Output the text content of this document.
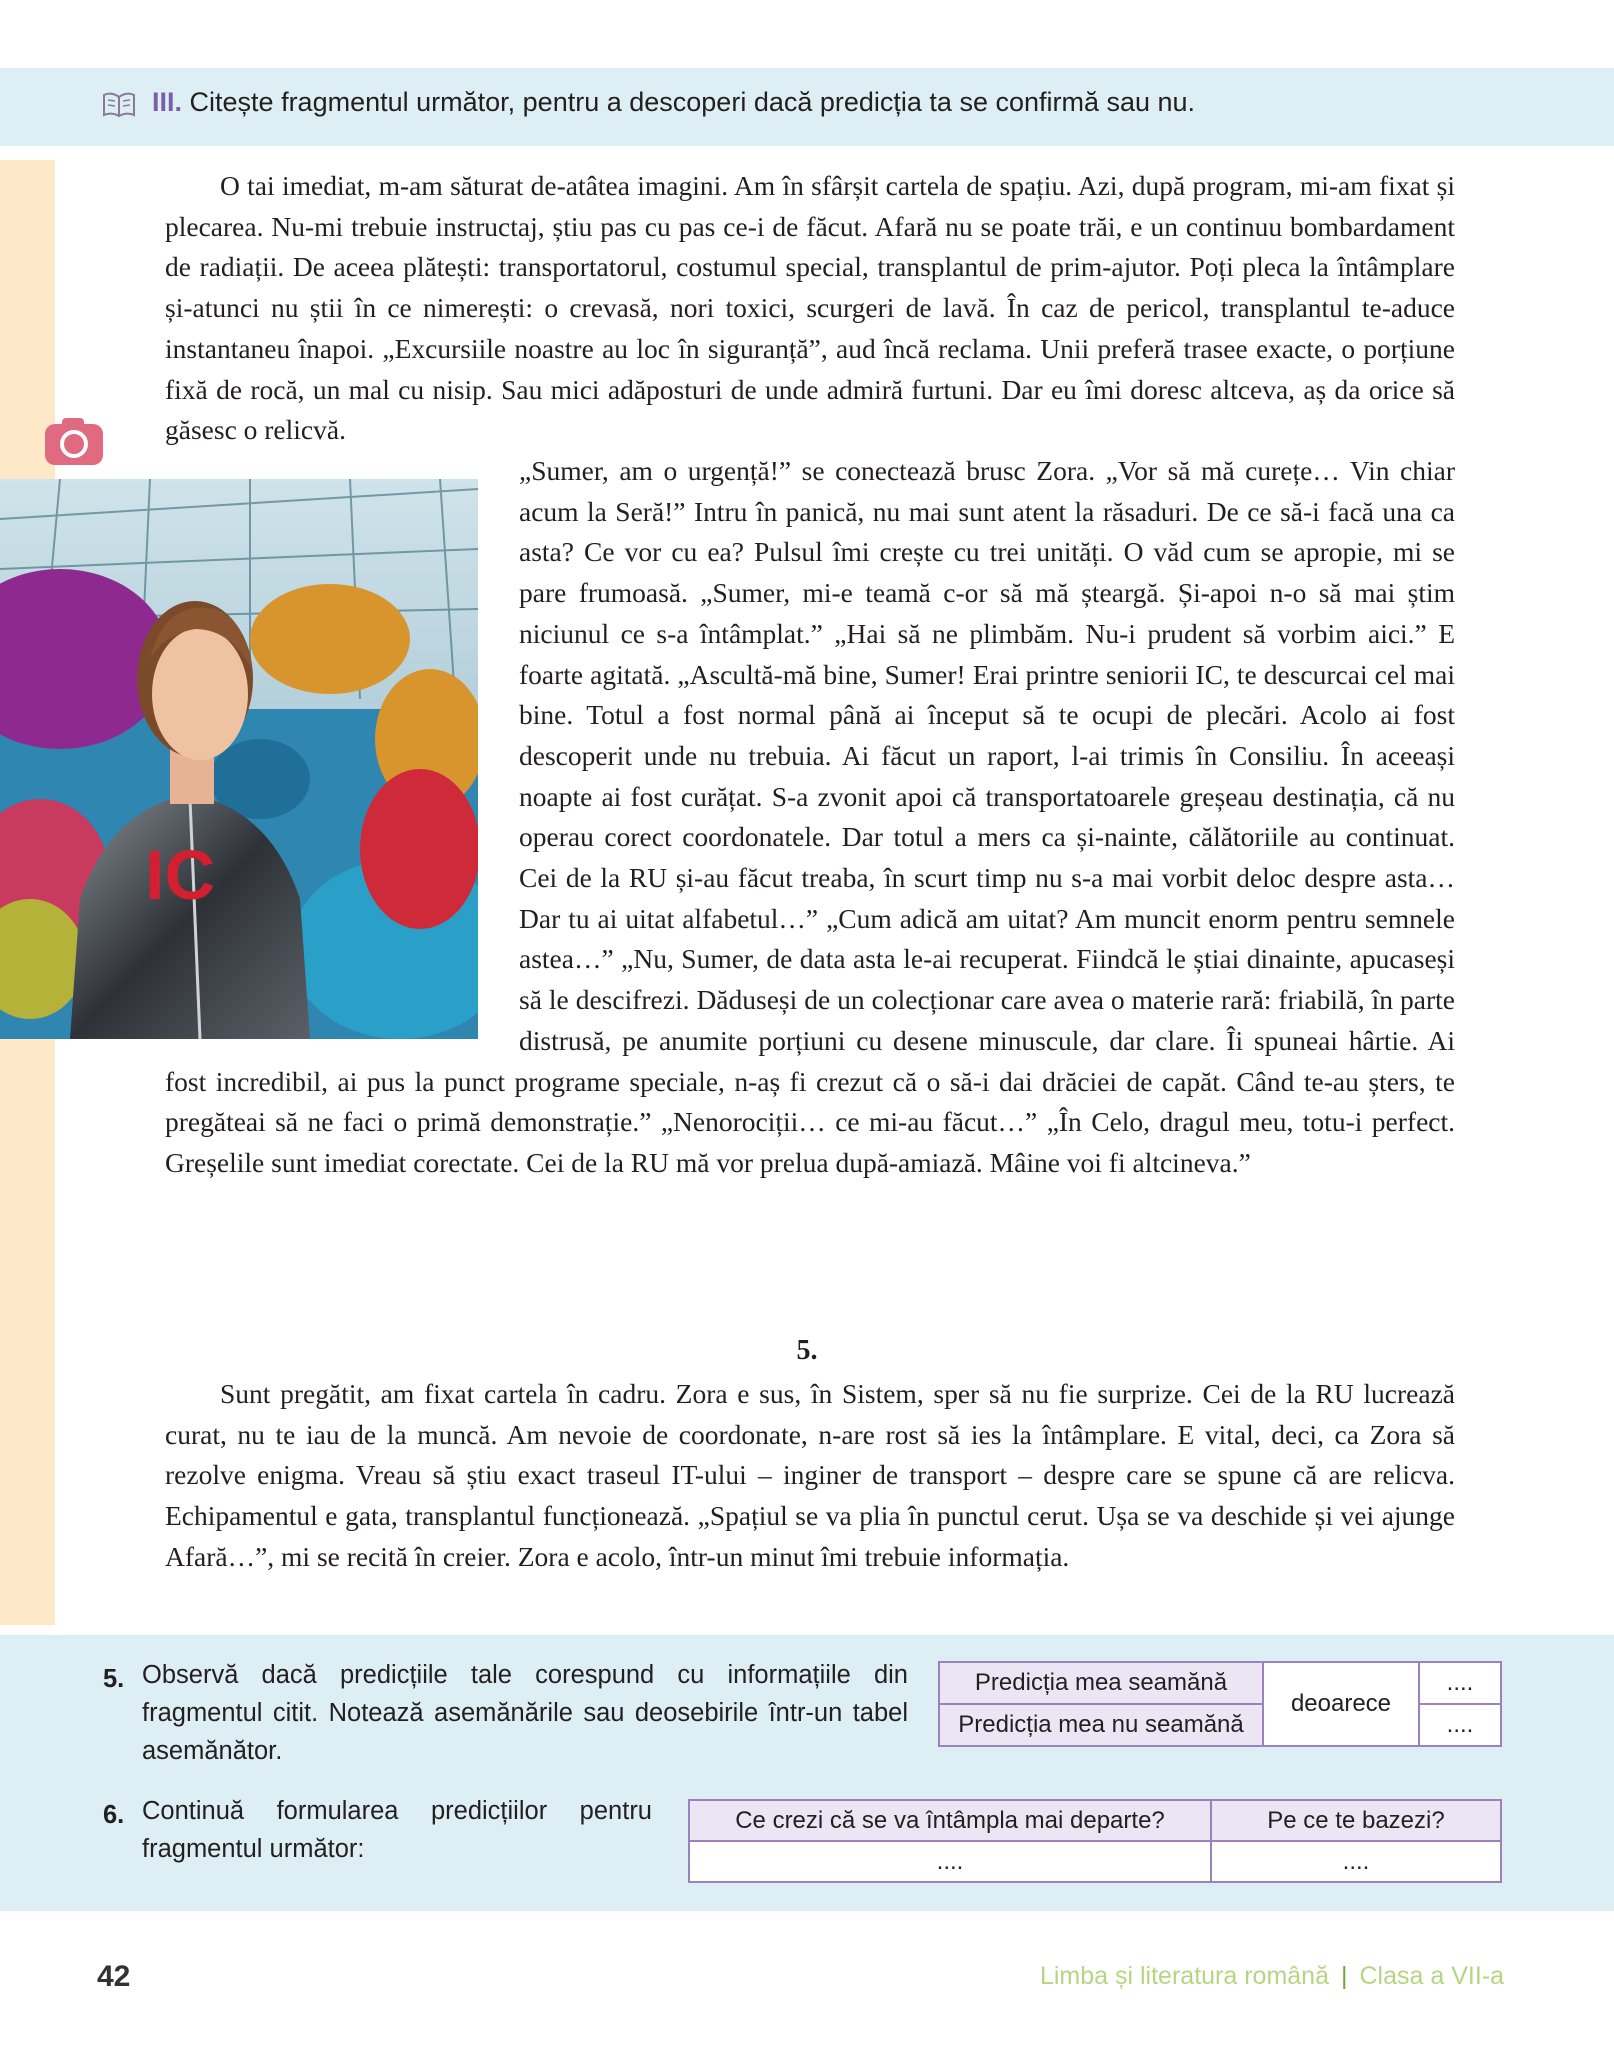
III. Citește fragmentul următor, pentru a descoperi dacă predicția ta se confirmă sau nu.

O tai imediat, m-am săturat de-atâtea imagini. Am în sfârșit cartela de spațiu. Azi, după program, mi-am fixat și plecarea. Nu-mi trebuie instructaj, știu pas cu pas ce-i de făcut. Afară nu se poate trăi, e un continuu bombardament de radiații. De aceea plătești: transportatorul, costumul special, transplantul de prim-ajutor. Poți pleca la întâmplare și-atunci nu știi în ce nimerești: o crevasă, nori toxici, scurgeri de lavă. În caz de pericol, transplantul te-aduce instantaneu înapoi. „Excursiile noastre au loc în siguranță”, aud încă reclama. Unii preferă trasee exacte, o porțiune fixă de rocă, un mal cu nisip. Sau mici adăposturi de unde admiră furtuni. Dar eu îmi doresc altceva, aș da orice să găsesc o relicvă.

IC

„Sumer, am o urgență!” se conectează brusc Zora. „Vor să mă curețe… Vin chiar acum la Seră!” Intru în panică, nu mai sunt atent la răsaduri. De ce să-i facă una ca asta? Ce vor cu ea? Pulsul îmi crește cu trei unități. O văd cum se apropie, mi se pare frumoasă. „Sumer, mi-e teamă c-or să mă șteargă. Și-apoi n-o să mai știm niciunul ce s-a întâmplat.” „Hai să ne plimbăm. Nu-i prudent să vorbim aici.” E foarte agitată. „Ascultă-mă bine, Sumer! Erai printre seniorii IC, te descurcai cel mai bine. Totul a fost normal până ai început să te ocupi de plecări. Acolo ai fost descoperit unde nu trebuia. Ai făcut un raport, l-ai trimis în Consiliu. În aceeași noapte ai fost curățat. S-a zvonit apoi că transportatoarele greșeau destinația, că nu operau corect coordonatele. Dar totul a mers ca și-nainte, călătoriile au continuat. Cei de la RU și-au făcut treaba, în scurt timp nu s-a mai vorbit deloc despre asta… Dar tu ai uitat alfabetul…” „Cum adică am uitat? Am muncit enorm pentru semnele astea…” „Nu, Sumer, de data asta le-ai recuperat. Fiindcă le știai dinainte, apucaseși să le descifrezi. Dăduseși de un colecționar care avea o materie rară: friabilă, în parte distrusă, pe anumite porțiuni cu desene minuscule, dar clare. Îi spuneai hârtie. Ai fost incredibil, ai pus la punct programe speciale, n-aș fi crezut că o să-i dai drăciei de capăt. Când te-au șters, te pregăteai să ne faci o primă demonstrație.” „Nenorociții… ce mi-au făcut…” „În Celo, dragul meu, totu-i perfect. Greșelile sunt imediat corectate. Cei de la RU mă vor prelua după-amiază. Mâine voi fi altcineva.”

5.

Sunt pregătit, am fixat cartela în cadru. Zora e sus, în Sistem, sper să nu fie surprize. Cei de la RU lucrează curat, nu te iau de la muncă. Am nevoie de coordonate, n-are rost să ies la întâmplare. E vital, deci, ca Zora să rezolve enigma. Vreau să știu exact traseul IT-ului – inginer de transport – despre care se spune că are relicva. Echipamentul e gata, transplantul funcționează. „Spațiul se va plia în punctul cerut. Ușa se va deschide și vei ajunge Afară…”, mi se recită în creier. Zora e acolo, într-un minut îmi trebuie informația.

5. Observă dacă predicțiile tale corespund cu informațiile din fragmentul citit. Notează asemănările sau deosebirile într-un tabel asemănător.
Predicția mea seamănă	deoarece	....
Predicția mea nu seamănă		....
6. Continuă formularea predicțiilor pentru fragmentul următor:
Ce crezi că se va întâmpla mai departe?	Pe ce te bazezi?
....	....
42	Limba și literatura română | Clasa a VII-a
